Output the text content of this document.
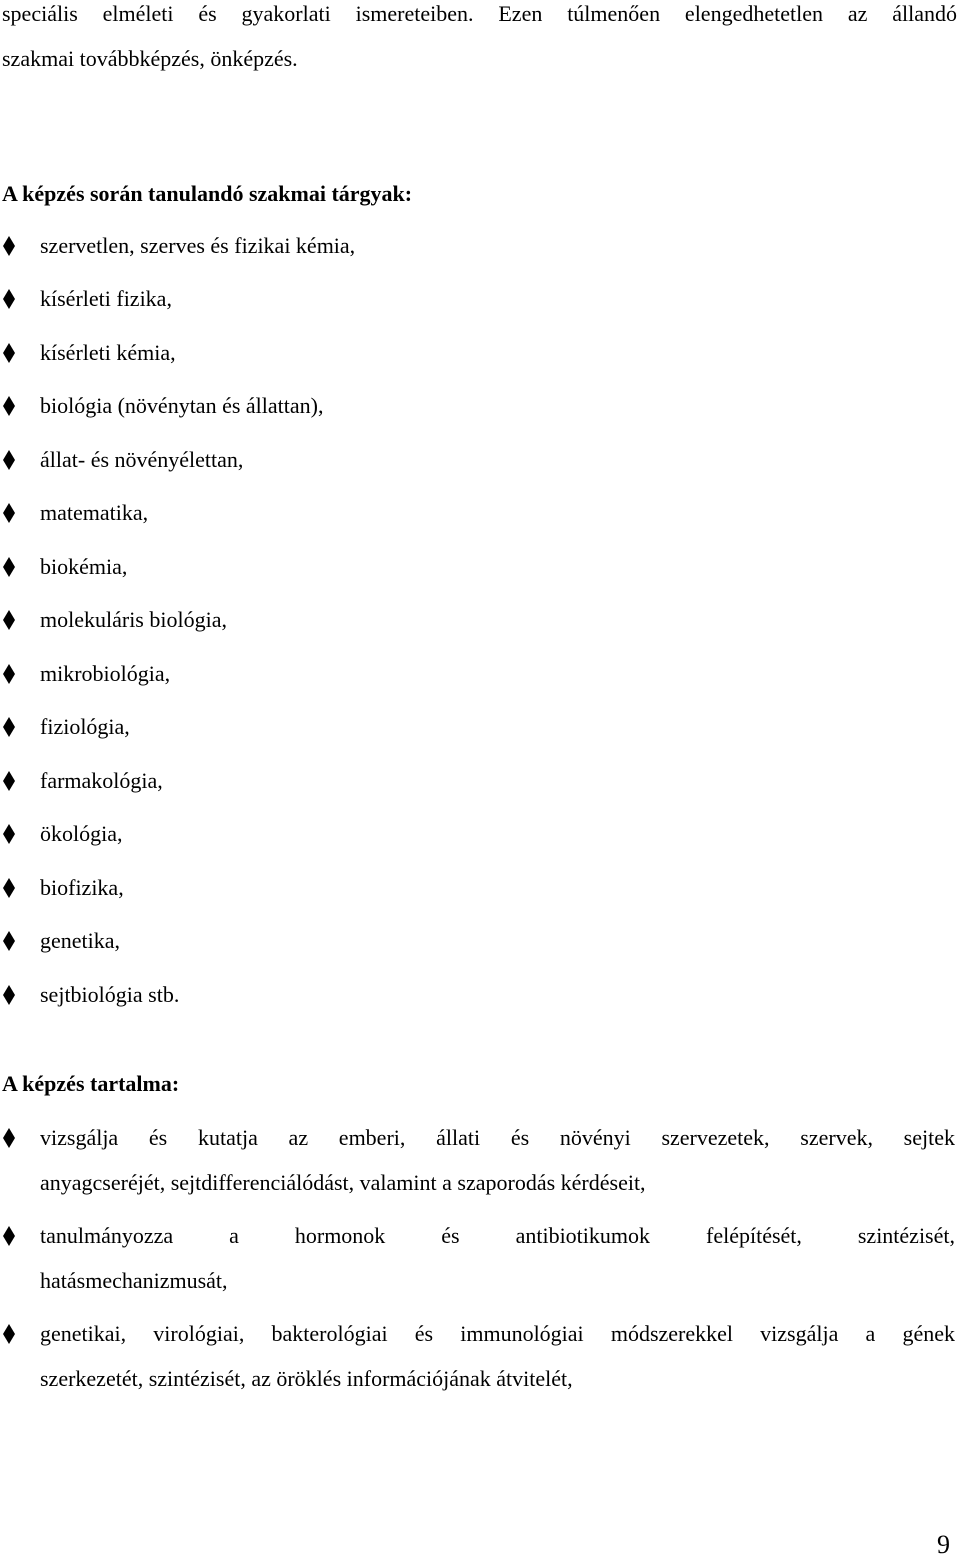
speciális elméleti és gyakorlati ismereteiben. Ezen túlmenően elengedhetetlen az állandó
szakmai továbbképzés, önképzés.
A képzés során tanulandó szakmai tárgyak:
szervetlen, szerves és fizikai kémia,
kísérleti fizika,
kísérleti kémia,
biológia (növénytan és állattan),
állat- és növényélettan,
matematika,
biokémia,
molekuláris biológia,
mikrobiológia,
fiziológia,
farmakológia,
ökológia,
biofizika,
genetika,
sejtbiológia stb.
A képzés tartalma:
vizsgálja és kutatja az emberi, állati és növényi szervezetek, szervek, sejtek
anyagcseréjét, sejtdifferenciálódást, valamint a szaporodás kérdéseit,
tanulmányozza a hormonok és antibiotikumok felépítését, szintézisét,
hatásmechanizmusát,
genetikai, virológiai, bakterológiai és immunológiai módszerekkel vizsgálja a gének
szerkezetét, szintézisét, az öröklés információjának átvitelét,
9
